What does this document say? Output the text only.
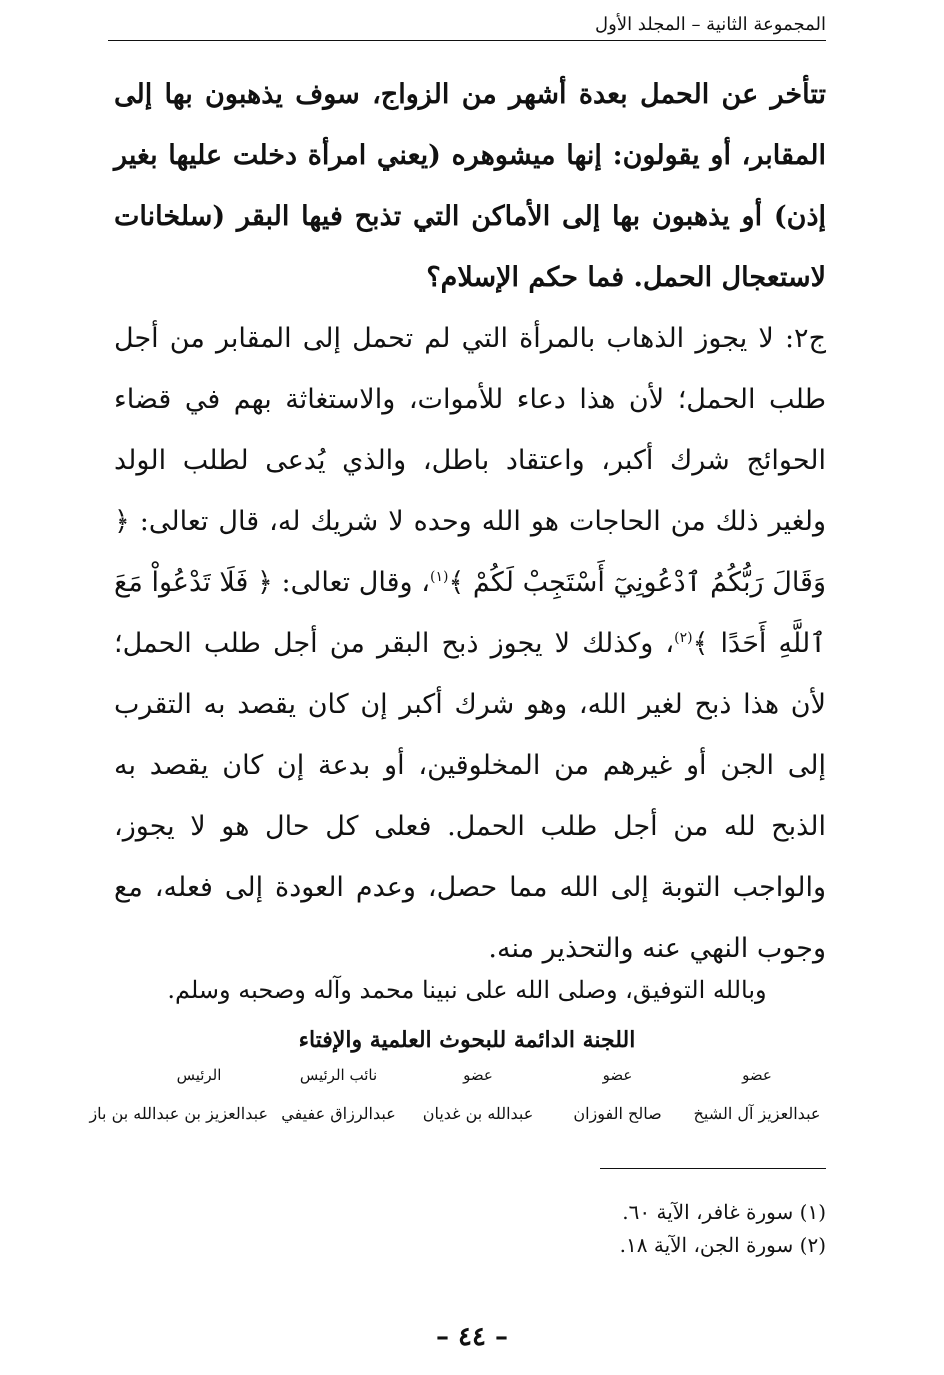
المجموعة الثانية – المجلد الأول

تتأخر عن الحمل بعدة أشهر من الزواج، سوف يذهبون بها إلى المقابر، أو يقولون: إنها ميشوهره (يعني امرأة دخلت عليها بغير إذن) أو يذهبون بها إلى الأماكن التي تذبح فيها البقر (سلخانات لاستعجال الحمل. فما حكم الإسلام؟

ج٢: لا يجوز الذهاب بالمرأة التي لم تحمل إلى المقابر من أجل طلب الحمل؛ لأن هذا دعاء للأموات، والاستغاثة بهم في قضاء الحوائج شرك أكبر، واعتقاد باطل، والذي يُدعى لطلب الولد ولغير ذلك من الحاجات هو الله وحده لا شريك له، قال تعالى: ﴿ وَقَالَ رَبُّكُمُ ٱدْعُونِيٓ أَسْتَجِبْ لَكُمْ ﴾$^{(١)}$، وقال تعالى: ﴿ فَلَا تَدْعُواْ مَعَ ٱللَّهِ أَحَدًا ﴾$^{(٢)}$، وكذلك لا يجوز ذبح البقر من أجل طلب الحمل؛ لأن هذا ذبح لغير الله، وهو شرك أكبر إن كان يقصد به التقرب إلى الجن أو غيرهم من المخلوقين، أو بدعة إن كان يقصد به الذبح لله من أجل طلب الحمل. فعلى كل حال هو لا يجوز، والواجب التوبة إلى الله مما حصل، وعدم العودة إلى فعله، مع وجوب النهي عنه والتحذير منه.

وبالله التوفيق، وصلى الله على نبينا محمد وآله وصحبه وسلم.
اللجنة الدائمة للبحوث العلمية والإفتاء
عضو
عضو
عضو
نائب الرئيس
الرئيس
عبدالعزيز آل الشيخ
صالح الفوزان
عبدالله بن غديان
عبدالرزاق عفيفي
عبدالعزيز بن عبدالله بن باز
(١) سورة غافر، الآية ٦٠.
(٢) سورة الجن، الآية ١٨.
– ٤٤ –
